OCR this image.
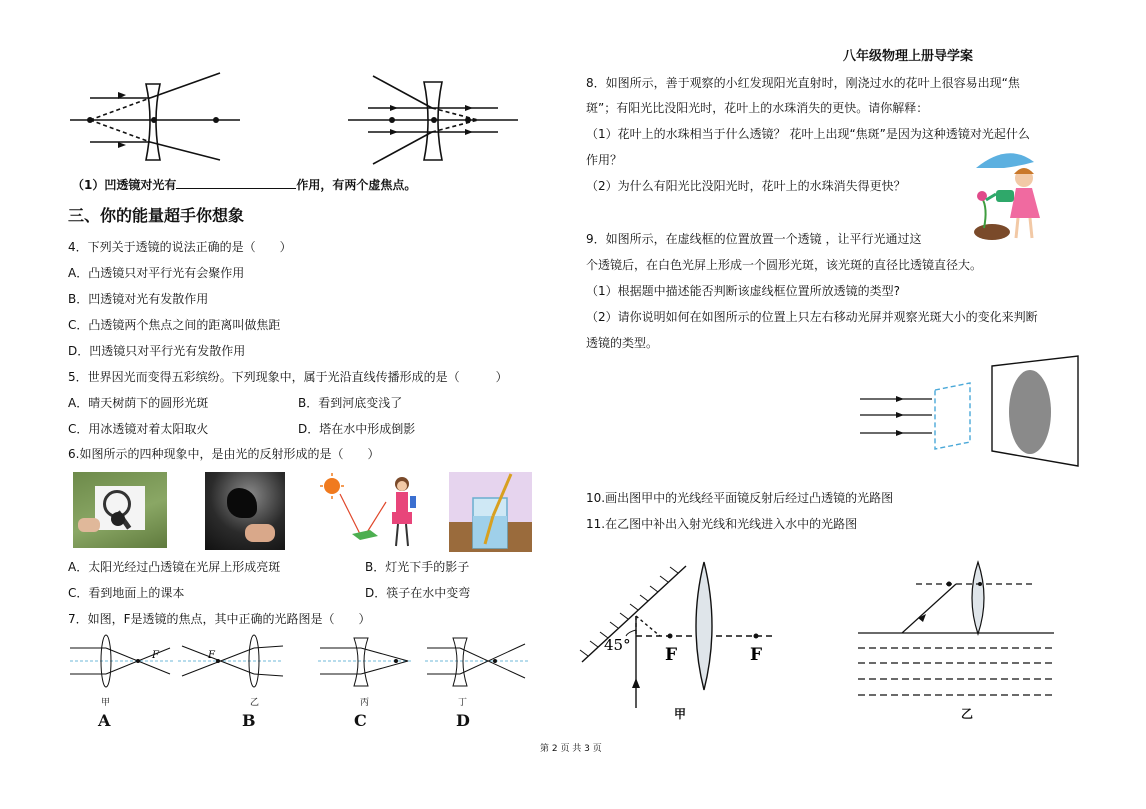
（1）凹透镜对光有	作用，有两个虚焦点。
三、你的能量超手你想象
4．下列关于透镜的说法正确的是（　　）
A．凸透镜只对平行光有会聚作用
B．凹透镜对光有发散作用
C．凸透镜两个焦点之间的距离叫做焦距
D．凹透镜只对平行光有发散作用
5．世界因光而变得五彩缤纷。下列现象中，属于光沿直线传播形成的是（　　　）
A．晴天树荫下的圆形光斑	B．看到河底变浅了
C．用冰透镜对着太阳取火	D．塔在水中形成倒影
6.如图所示的四种现象中，是由光的反射形成的是（　　）
A．太阳光经过凸透镜在光屏上形成亮斑	B．灯光下手的影子
C．看到地面上的课本	D．筷子在水中变弯
7．如图，F是透镜的焦点，其中正确的光路图是（　　）
F	F
甲	乙	丙	丁
A	B	C	D
八年级物理上册导学案
8．如图所示，善于观察的小红发现阳光直射时，刚浇过水的花叶上很容易出现“焦
斑”；有阳光比没阳光时，花叶上的水珠消失的更快。请你解释：
（1）花叶上的水珠相当于什么透镜？ 花叶上出现“焦斑”是因为这种透镜对光起什么
作用？
（2）为什么有阳光比没阳光时，花叶上的水珠消失得更快？
9．如图所示，在虚线框的位置放置一个透镜 ，让平行光通过这
个透镜后，在白色光屏上形成一个圆形光斑，该光斑的直径比透镜直径大。
（1）根据题中描述能否判断该虚线框位置所放透镜的类型?
（2）请你说明如何在如图所示的位置上只左右移动光屏并观察光斑大小的变化来判断
透镜的类型。
10.画出图甲中的光线经平面镜反射后经过凸透镜的光路图
11.在乙图中补出入射光线和光线进入水中的光路图
45° F	F
甲	乙
第 2 页 共 3 页
